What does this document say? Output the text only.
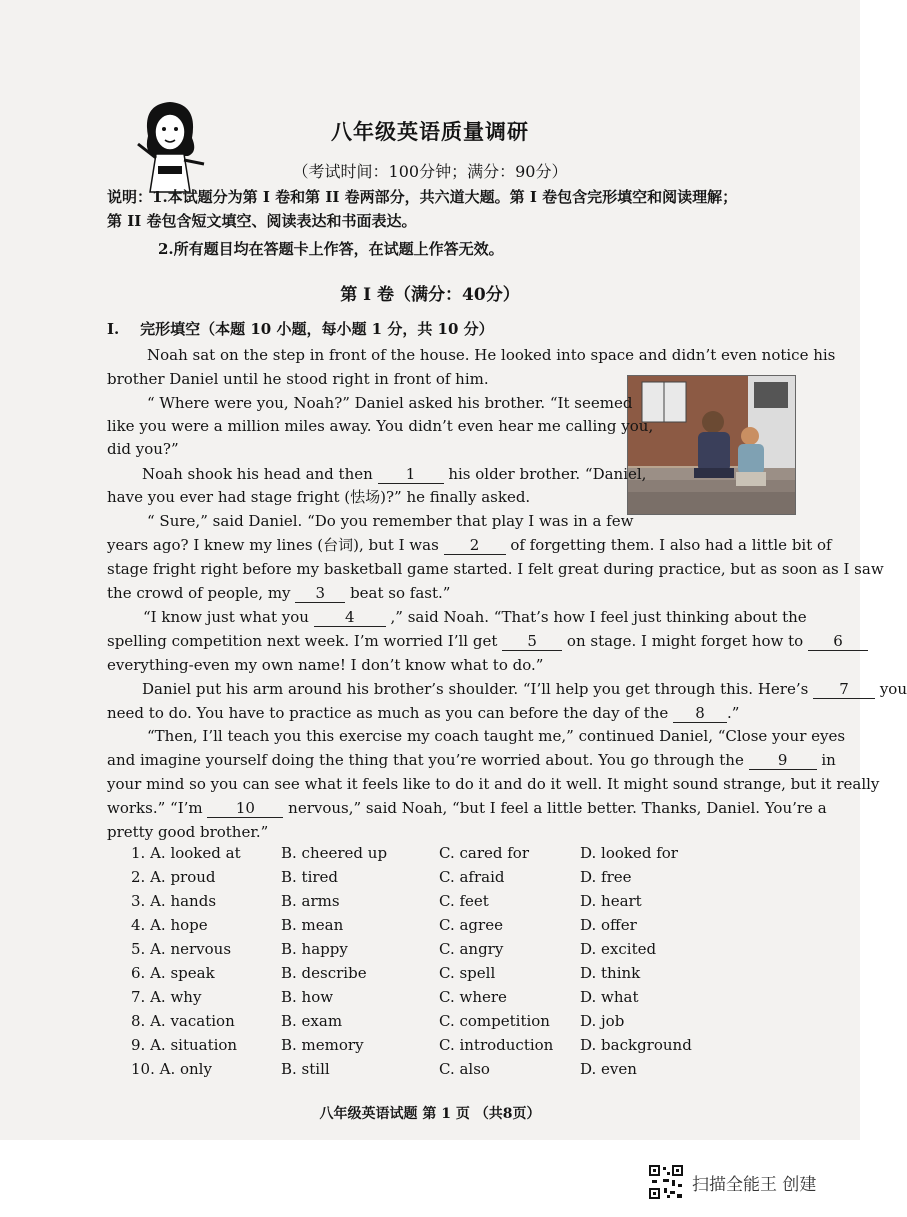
八年级英语质量调研
（考试时间：100分钟；满分：90分）
说明：1.本试题分为第 I 卷和第 II 卷两部分，共六道大题。第 I 卷包含完形填空和阅读理解；
第 II 卷包含短文填空、阅读表达和书面表达。
2.所有题目均在答题卡上作答，在试题上作答无效。
第 I 卷（满分：40分）
I.    完形填空（本题 10 小题，每小题 1 分，共 10 分）
Noah sat on the step in front of the house. He looked into space and didn’t even notice his
brother Daniel until he stood right in front of him.
“ Where were you, Noah?” Daniel asked his brother. “It seemed
like you were a million miles away. You didn’t even hear me calling you,
did you?”
Noah shook his head and then 1 his older brother. “Daniel,
have you ever had stage fright (怯场)?” he finally asked.
“ Sure,” said Daniel. “Do you remember that play I was in a few
years ago? I knew my lines (台词), but I was 2 of forgetting them. I also had a little bit of
stage fright right before my basketball game started. I felt great during practice, but as soon as I saw
the crowd of people, my 3 beat so fast.”
“I know just what you 4 ,” said Noah. “That’s how I feel just thinking about the
spelling competition next week. I’m worried I’ll get 5 on stage. I might forget how to 6
everything-even my own name! I don’t know what to do.”
Daniel put his arm around his brother’s shoulder. “I’ll help you get through this. Here’s 7 you
need to do. You have to practice as much as you can before the day of the 8 .”
“Then, I’ll teach you this exercise my coach taught me,” continued Daniel, “Close your eyes
and imagine yourself doing the thing that you’re worried about. You go through the 9 in
your mind so you can see what it feels like to do it and do it well. It might sound strange, but it really
works.” “I’m 10 nervous,” said Noah, “but I feel a little better. Thanks, Daniel. You’re a
pretty good brother.”
1. A. looked at	B. cheered up	C. cared for	D. looked for
2. A. proud	B. tired	C. afraid	D. free
3. A. hands	B. arms	C. feet	D. heart
4. A. hope	B. mean	C. agree	D. offer
5. A. nervous	B. happy	C. angry	D. excited
6. A. speak	B. describe	C. spell	D. think
7. A. why	B. how	C. where	D. what
8. A. vacation	B. exam	C. competition D. job
9. A. situation	B. memory	C. introduction D. background
10. A. only	B. still	C. also	D. even
八年级英语试题 第 1 页 （共8页）
扫描全能王 创建
